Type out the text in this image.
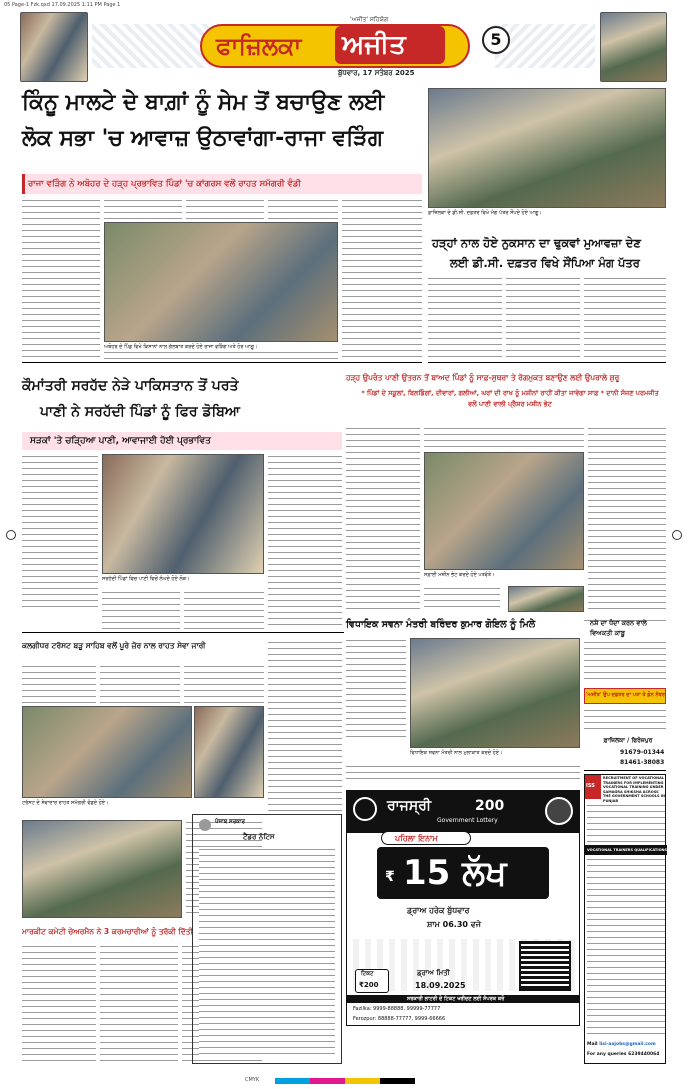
05 Page-1 Fzk.qxd 17.09.2025 1:11 PM Page 1
CMYK
ਫਾਜ਼ਿਲਕਾ ਅਜੀਤ
'ਅਜੀਤ' ਸਹਿਯੋਗ
ਬੁੱਧਵਾਰ, 17 ਸਤੰਬਰ 2025
5
ਕਿੰਨੂ ਮਾਲਟੇ ਦੇ ਬਾਗ਼ਾਂ ਨੂੰ ਸੇਮ ਤੋਂ ਬਚਾਉਣ ਲਈ
ਲੋਕ ਸਭਾ 'ਚ ਆਵਾਜ਼ ਉਠਾਵਾਂਗਾ-ਰਾਜਾ ਵੜਿੰਗ
ਰਾਜਾ ਵੜਿੰਗ ਨੇ ਅਬੋਹਰ ਦੇ ਹੜ੍ਹ ਪ੍ਰਭਾਵਿਤ ਪਿੰਡਾਂ 'ਚ ਕਾਂਗਰਸ ਵਲੋਂ ਰਾਹਤ ਸਮੱਗਰੀ ਵੰਡੀ
ਅਬੋਹਰ ਦੇ ਪਿੰਡ ਵਿਖੇ ਕਿਸਾਨਾਂ ਨਾਲ ਗੱਲਬਾਤ ਕਰਦੇ ਹੋਏ ਰਾਜਾ ਵੜਿੰਗ ਅਤੇ ਹੋਰ ਆਗੂ।
ਫ਼ਾਜ਼ਿਲਕਾ ਦੇ ਡੀ.ਸੀ. ਦਫ਼ਤਰ ਵਿਖੇ ਮੰਗ ਪੱਤਰ ਸੌਂਪਦੇ ਹੋਏ ਆਗੂ।
ਹੜ੍ਹਾਂ ਨਾਲ ਹੋਏ ਨੁਕਸਾਨ ਦਾ ਢੁਕਵਾਂ ਮੁਆਵਜ਼ਾ ਦੇਣ
ਲਈ ਡੀ.ਸੀ. ਦਫ਼ਤਰ ਵਿਖੇ ਸੌਂਪਿਆ ਮੰਗ ਪੱਤਰ
ਕੌਮਾਂਤਰੀ ਸਰਹੱਦ ਨੇੜੇ ਪਾਕਿਸਤਾਨ ਤੋਂ ਪਰਤੇ
ਪਾਣੀ ਨੇ ਸਰਹੱਦੀ ਪਿੰਡਾਂ ਨੂੰ ਫਿਰ ਡੋਬਿਆ
ਸੜਕਾਂ 'ਤੇ ਚੜ੍ਹਿਆ ਪਾਣੀ, ਆਵਾਜਾਈ ਹੋਈ ਪ੍ਰਭਾਵਿਤ
ਸਰਹੱਦੀ ਪਿੰਡਾਂ ਵਿਚ ਪਾਣੀ ਵਿਚੋਂ ਲੰਘਦੇ ਹੋਏ ਲੋਕ।
ਹੜ੍ਹ ਉਪਰੰਤ ਪਾਣੀ ਉਤਰਨ ਤੋਂ ਬਾਅਦ ਪਿੰਡਾਂ ਨੂੰ ਸਾਫ਼-ਸੁਥਰਾ ਤੇ ਰੋਗਮੁਕਤ ਬਣਾਉਣ ਲਈ ਉਪਰਾਲੇ ਸ਼ੁਰੂ
* ਪਿੰਡਾਂ ਦੇ ਸਕੂਲਾਂ, ਬਿਲਡਿੰਗਾਂ, ਦੀਵਾਰਾਂ, ਗਲੀਆਂ, ਘਰਾਂ ਦੀ ਰਾਖ ਨੂੰ ਮਸ਼ੀਨਾਂ ਰਾਹੀਂ ਕੀਤਾ ਜਾਵੇਗਾ ਸਾਫ਼ * ਦਾਨੀ ਸੱਜਣ ਪਰਮਜੀਤ ਵਲੋਂ ਪਾਣੀ ਵਾਲੀ ਪ੍ਰੈਸ਼ਰ ਮਸ਼ੀਨ ਭੇਟ
ਸਫ਼ਾਈ ਮਸ਼ੀਨ ਭੇਟ ਕਰਦੇ ਹੋਏ ਪਤਵੰਤੇ।
ਕਲਗੀਧਰ ਟਰੱਸਟ ਬੜੂ ਸਾਹਿਬ ਵਲੋਂ ਪੂਰੇ ਜ਼ੋਰ ਨਾਲ ਰਾਹਤ ਸੇਵਾ ਜਾਰੀ
ਟਰੱਸਟ ਦੇ ਸੇਵਾਦਾਰ ਰਾਹਤ ਸਮੱਗਰੀ ਵੰਡਦੇ ਹੋਏ।
ਮਾਰਕੀਟ ਕਮੇਟੀ ਚੇਅਰਮੈਨ ਨੇ 3 ਕਰਮਚਾਰੀਆਂ ਨੂੰ ਤਰੱਕੀ ਦਿੱਤੀ
ਵਿਧਾਇਕ ਸਵਨਾ ਮੰਤਰੀ ਬਰਿੰਦਰ ਕੁਮਾਰ ਗੋਇਲ ਨੂੰ ਮਿਲੇ
ਵਿਧਾਇਕ ਸਵਨਾ ਮੰਤਰੀ ਨਾਲ ਮੁਲਾਕਾਤ ਕਰਦੇ ਹੋਏ।
ਨਸ਼ੇ ਦਾ ਧੰਦਾ ਕਰਨ ਵਾਲੇ ਵਿਅਕਤੀ ਕਾਬੂ
'ਅਜੀਤ' ਉਪ ਦਫ਼ਤਰ ਦਾ ਪਤਾ ਤੇ ਫ਼ੋਨ ਨੰਬਰ
ਫ਼ਾਜ਼ਿਲਕਾ / ਫਿਰੋਜ਼ਪੁਰ
91679-01344
81461-38083
ਪੰਜਾਬ ਸਰਕਾਰ
ਟੈਂਡਰ ਨੋਟਿਸ
ਰਾਜਸ੍ਰੀ	200
Government Lottery
ਪਹਿਲਾ ਇਨਾਮ
₹ 15 ਲੱਖ
ਡ੍ਰਾਅ ਹਰੇਕ ਬੁੱਧਵਾਰ
ਸ਼ਾਮ 06.30 ਵਜੇ
ਟਿਕਟ
₹200
ਡ੍ਰਾਅ ਮਿਤੀ
18.09.2025
ਸਰਕਾਰੀ ਲਾਟਰੀ ਦੇ ਟਿਕਟ ਖਰੀਦਣ ਲਈ ਸੰਪਰਕ ਕਰੋ
Fazilka: 9999-88888, 99999-77777
Ferozpur: 88888-77777, 9999-66666
ISS
RECRUITMENT OF VOCATIONAL TRAINERS FOR IMPLEMENTING VOCATIONAL TRAINING UNDER SAMAGRA SHIKSHA ACROSS THE GOVERNMENT SCHOOLS IN PUNJAB
VOCATIONAL TRAINERS QUALIFICATIONS & EXPERIENCE
Mail lisi-aajobs@gmail.com
For any queries 6239440064
